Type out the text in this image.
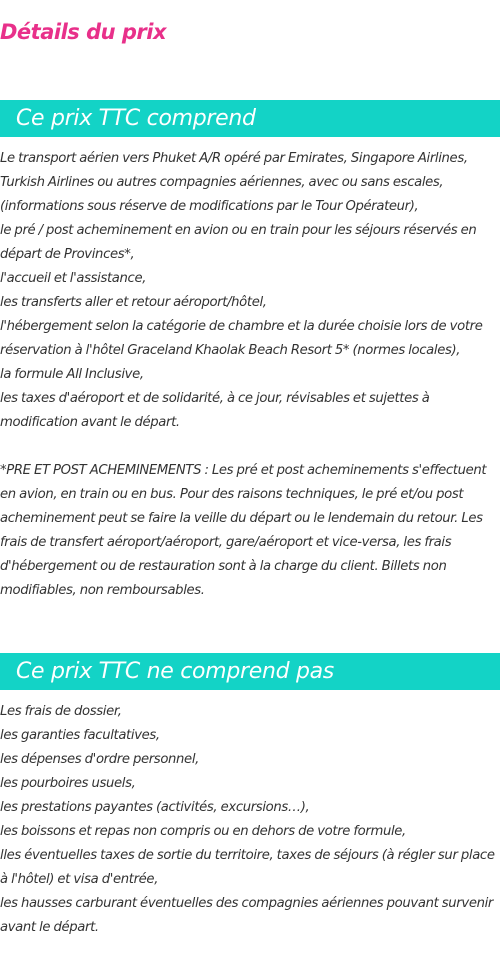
Détails du prix
Ce prix TTC comprend

Le transport aérien vers Phuket A/R opéré par Emirates, Singapore Airlines, Turkish Airlines ou autres compagnies aériennes, avec ou sans escales, (informations sous réserve de modifications par le Tour Opérateur),

le pré / post acheminement en avion ou en train pour les séjours réservés en départ de Provinces*,

l'accueil et l'assistance,

les transferts aller et retour aéroport/hôtel,

l'hébergement selon la catégorie de chambre et la durée choisie lors de votre réservation à l'hôtel Graceland Khaolak Beach Resort 5* (normes locales),

la formule All Inclusive,

les taxes d'aéroport et de solidarité, à ce jour, révisables et sujettes à modification avant le départ.

*PRE ET POST ACHEMINEMENTS : Les pré et post acheminements s'effectuent en avion, en train ou en bus. Pour des raisons techniques, le pré et/ou post acheminement peut se faire la veille du départ ou le lendemain du retour. Les frais de transfert aéroport/aéroport, gare/aéroport et vice-versa, les frais d'hébergement ou de restauration sont à la charge du client. Billets non modifiables, non remboursables.

Ce prix TTC ne comprend pas

Les frais de dossier,

les garanties facultatives,

les dépenses d'ordre personnel,

les pourboires usuels,

les prestations payantes (activités, excursions…),

les boissons et repas non compris ou en dehors de votre formule,

lles éventuelles taxes de sortie du territoire, taxes de séjours (à régler sur place à l'hôtel) et visa d'entrée,

les hausses carburant éventuelles des compagnies aériennes pouvant survenir avant le départ.
